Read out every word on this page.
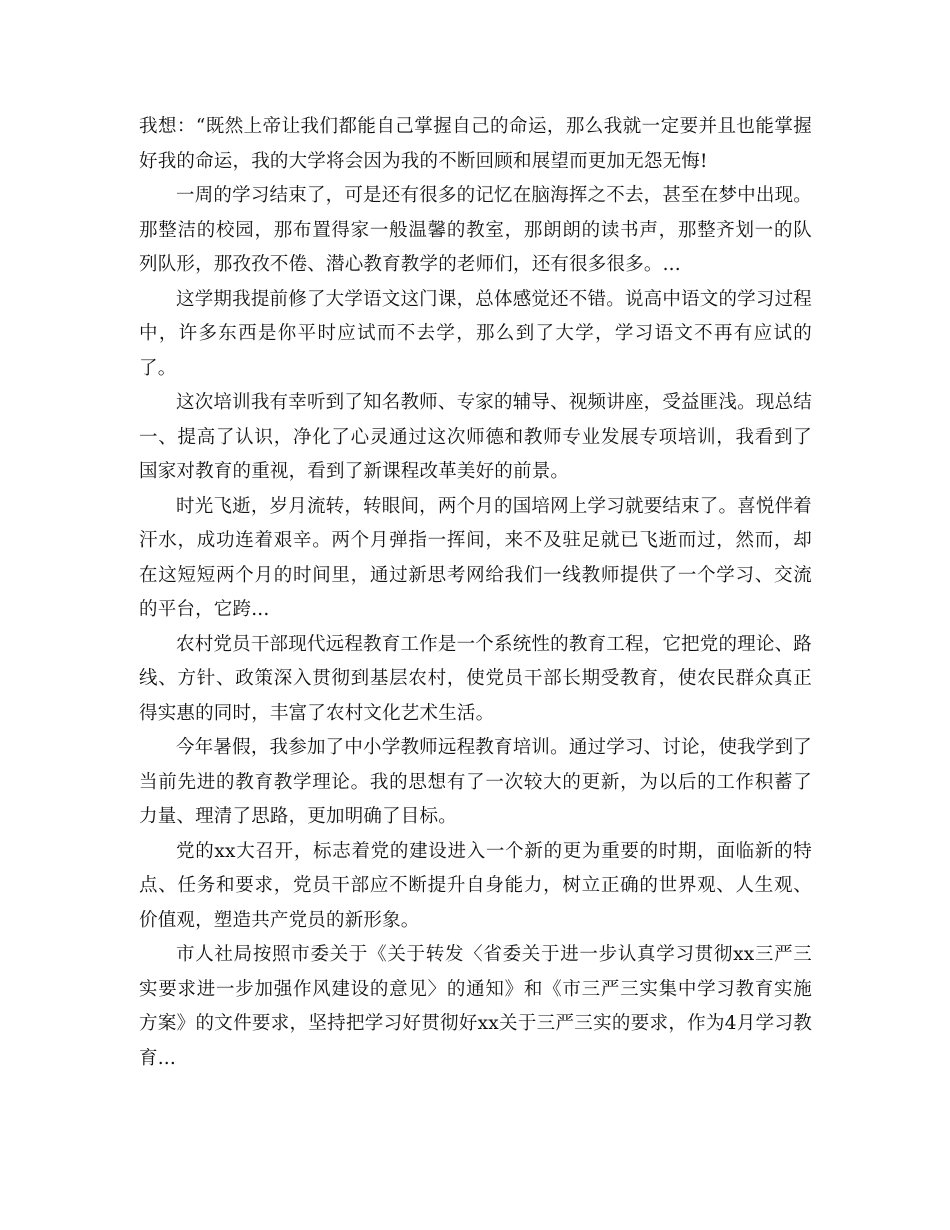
我想：“既然上帝让我们都能自己掌握自己的命运，那么我就一定要并且也能掌握好我的命运，我的大学将会因为我的不断回顾和展望而更加无怨无悔!

一周的学习结束了，可是还有很多的记忆在脑海挥之不去，甚至在梦中出现。那整洁的校园，那布置得家一般温馨的教室，那朗朗的读书声，那整齐划一的队列队形，那孜孜不倦、潜心教育教学的老师们，还有很多很多。...

这学期我提前修了大学语文这门课，总体感觉还不错。说高中语文的学习过程中，许多东西是你平时应试而不去学，那么到了大学，学习语文不再有应试的了。

这次培训我有幸听到了知名教师、专家的辅导、视频讲座，受益匪浅。现总结一、提高了认识，净化了心灵通过这次师德和教师专业发展专项培训，我看到了国家对教育的重视，看到了新课程改革美好的前景。

时光飞逝，岁月流转，转眼间，两个月的国培网上学习就要结束了。喜悦伴着汗水，成功连着艰辛。两个月弹指一挥间，来不及驻足就已飞逝而过，然而，却在这短短两个月的时间里，通过新思考网给我们一线教师提供了一个学习、交流的平台，它跨...

农村党员干部现代远程教育工作是一个系统性的教育工程，它把党的理论、路线、方针、政策深入贯彻到基层农村，使党员干部长期受教育，使农民群众真正得实惠的同时，丰富了农村文化艺术生活。

今年暑假，我参加了中小学教师远程教育培训。通过学习、讨论，使我学到了当前先进的教育教学理论。我的思想有了一次较大的更新，为以后的工作积蓄了力量、理清了思路，更加明确了目标。

党的xx大召开，标志着党的建设进入一个新的更为重要的时期，面临新的特点、任务和要求，党员干部应不断提升自身能力，树立正确的世界观、人生观、价值观，塑造共产党员的新形象。

市人社局按照市委关于《关于转发〈省委关于进一步认真学习贯彻xx三严三实要求进一步加强作风建设的意见〉的通知》和《市三严三实集中学习教育实施方案》的文件要求，坚持把学习好贯彻好xx关于三严三实的要求，作为4月学习教育...
